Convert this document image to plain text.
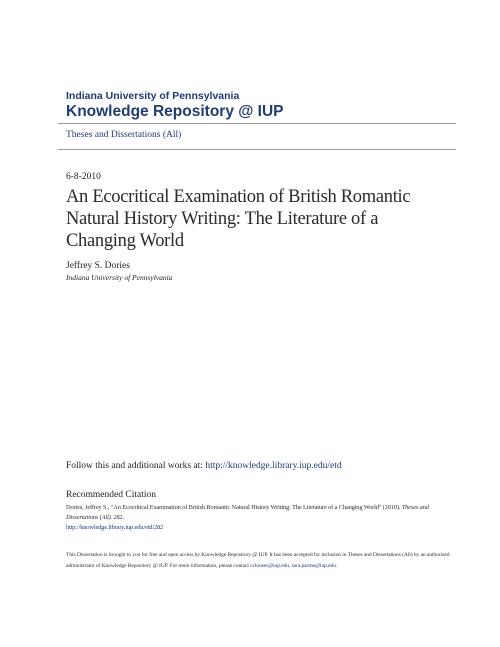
Indiana University of Pennsylvania
Knowledge Repository @ IUP
Theses and Dissertations (All)
6-8-2010
An Ecocritical Examination of British Romantic Natural History Writing: The Literature of a Changing World
Jeffrey S. Dories
Indiana University of Pennsylvania
Follow this and additional works at: http://knowledge.library.iup.edu/etd
Recommended Citation
Dories, Jeffrey S., "An Ecocritical Examination of British Romantic Natural History Writing: The Literature of a Changing World" (2010). Theses and Dissertations (All). 282.
http://knowledge.library.iup.edu/etd/282
This Dissertation is brought to you for free and open access by Knowledge Repository @ IUP. It has been accepted for inclusion in Theses and Dissertations (All) by an authorized administrator of Knowledge Repository @ IUP. For more information, please contact cclouser@iup.edu, sara.parme@iup.edu.
